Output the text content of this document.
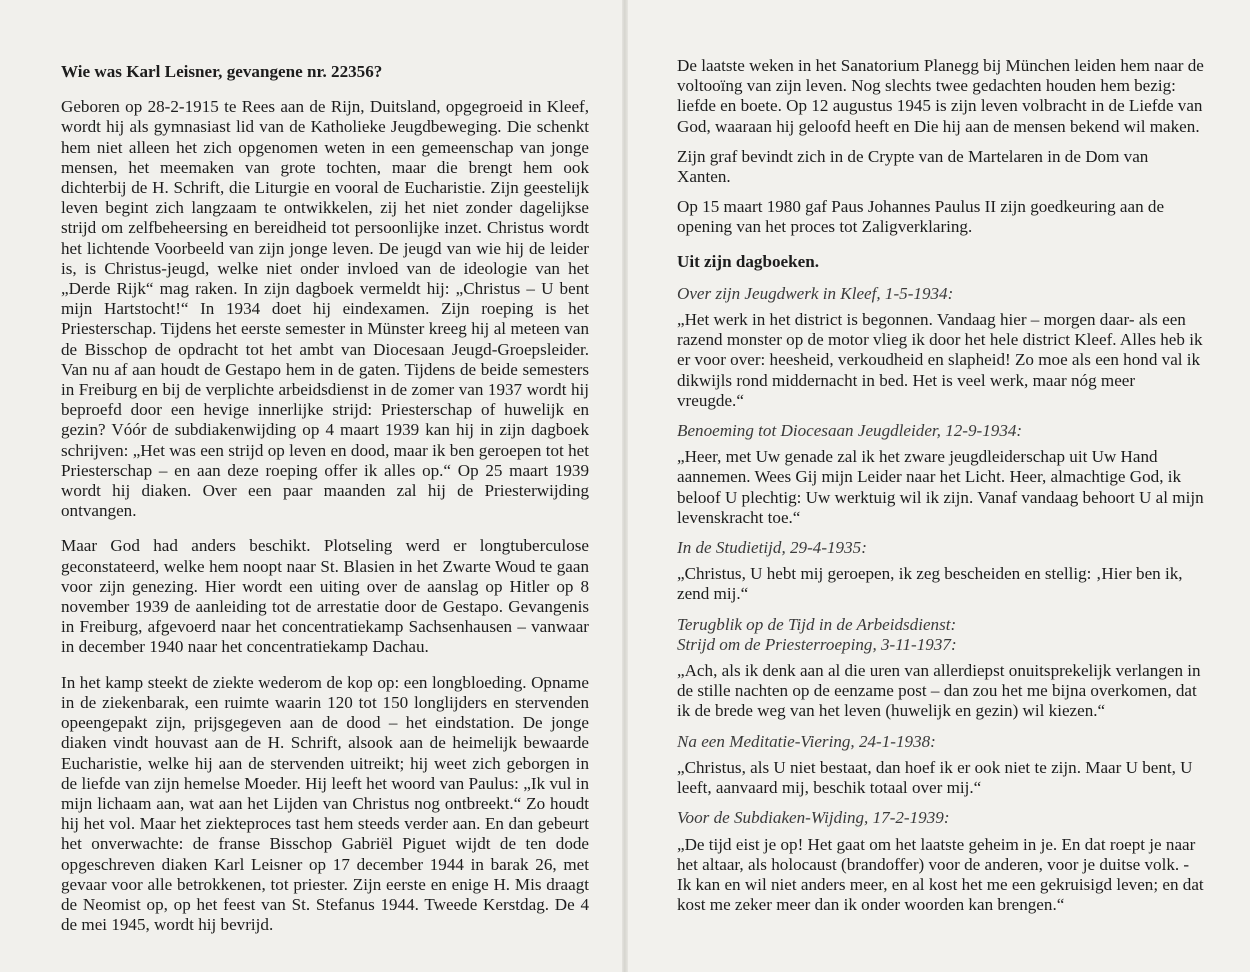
Wie was Karl Leisner, gevangene nr. 22356?

Geboren op 28-2-1915 te Rees aan de Rijn, Duitsland, opgegroeid in Kleef, wordt hij als gymnasiast lid van de Katholieke Jeugdbeweging. Die schenkt hem niet alleen het zich opgenomen weten in een gemeenschap van jonge mensen, het meemaken van grote tochten, maar die brengt hem ook dichterbij de H. Schrift, die Liturgie en vooral de Eucharistie. Zijn geestelijk leven begint zich langzaam te ontwikkelen, zij het niet zonder dagelijkse strijd om zelfbeheersing en bereidheid tot persoonlijke inzet. Christus wordt het lichtende Voorbeeld van zijn jonge leven. De jeugd van wie hij de leider is, is Christus-jeugd, welke niet onder invloed van de ideologie van het „Derde Rijk“ mag raken. In zijn dagboek vermeldt hij: „Christus – U bent mijn Hartstocht!“ In 1934 doet hij eindexamen. Zijn roeping is het Priesterschap. Tijdens het eerste semester in Münster kreeg hij al meteen van de Bisschop de opdracht tot het ambt van Diocesaan Jeugd-Groepsleider. Van nu af aan houdt de Gestapo hem in de gaten. Tijdens de beide semesters in Freiburg en bij de verplichte arbeidsdienst in de zomer van 1937 wordt hij beproefd door een hevige innerlijke strijd: Priesterschap of huwelijk en gezin? Vóór de subdiakenwijding op 4 maart 1939 kan hij in zijn dagboek schrijven: „Het was een strijd op leven en dood, maar ik ben geroepen tot het Priesterschap – en aan deze roeping offer ik alles op.“ Op 25 maart 1939 wordt hij diaken. Over een paar maanden zal hij de Priesterwijding ontvangen.

Maar God had anders beschikt. Plotseling werd er longtuberculose geconstateerd, welke hem noopt naar St. Blasien in het Zwarte Woud te gaan voor zijn genezing. Hier wordt een uiting over de aanslag op Hitler op 8 november 1939 de aanleiding tot de arrestatie door de Gestapo. Gevangenis in Freiburg, afgevoerd naar het concentratiekamp Sachsenhausen – vanwaar in december 1940 naar het concentratiekamp Dachau.

In het kamp steekt de ziekte wederom de kop op: een longbloeding. Opname in de ziekenbarak, een ruimte waarin 120 tot 150 longlijders en stervenden opeengepakt zijn, prijsgegeven aan de dood – het eindstation. De jonge diaken vindt houvast aan de H. Schrift, alsook aan de heimelijk bewaarde Eucharistie, welke hij aan de stervenden uitreikt; hij weet zich geborgen in de liefde van zijn hemelse Moeder. Hij leeft het woord van Paulus: „Ik vul in mijn lichaam aan, wat aan het Lijden van Christus nog ontbreekt.“ Zo houdt hij het vol. Maar het ziekteproces tast hem steeds verder aan. En dan gebeurt het onverwachte: de franse Bisschop Gabriël Piguet wijdt de ten dode opgeschreven diaken Karl Leisner op 17 december 1944 in barak 26, met gevaar voor alle betrokkenen, tot priester. Zijn eerste en enige H. Mis draagt de Neomist op, op het feest van St. Stefanus 1944. Tweede Kerstdag. De 4 de mei 1945, wordt hij bevrijd.

De laatste weken in het Sanatorium Planegg bij München leiden hem naar de voltooïng van zijn leven. Nog slechts twee gedachten houden hem bezig: liefde en boete. Op 12 augustus 1945 is zijn leven volbracht in de Liefde van God, waaraan hij geloofd heeft en Die hij aan de mensen bekend wil maken.

Zijn graf bevindt zich in de Crypte van de Martelaren in de Dom van Xanten.

Op 15 maart 1980 gaf Paus Johannes Paulus II zijn goedkeuring aan de opening van het proces tot Zaligverklaring.

Uit zijn dagboeken.
Over zijn Jeugdwerk in Kleef, 1-5-1934:
„Het werk in het district is begonnen. Vandaag hier – morgen daar- als een razend monster op de motor vlieg ik door het hele district Kleef. Alles heb ik er voor over: heesheid, verkoudheid en slapheid! Zo moe als een hond val ik dikwijls rond middernacht in bed. Het is veel werk, maar nóg meer vreugde.“
Benoeming tot Diocesaan Jeugdleider, 12-9-1934:
„Heer, met Uw genade zal ik het zware jeugdleiderschap uit Uw Hand aannemen. Wees Gij mijn Leider naar het Licht. Heer, almachtige God, ik beloof U plechtig: Uw werktuig wil ik zijn. Vanaf vandaag behoort U al mijn levenskracht toe.“
In de Studietijd, 29-4-1935:
„Christus, U hebt mij geroepen, ik zeg bescheiden en stellig: ‚Hier ben ik, zend mij.“
Terugblik op de Tijd in de Arbeidsdienst:
Strijd om de Priesterroeping, 3-11-1937:
„Ach, als ik denk aan al die uren van allerdiepst onuitsprekelijk verlangen in de stille nachten op de eenzame post – dan zou het me bijna overkomen, dat ik de brede weg van het leven (huwelijk en gezin) wil kiezen.“
Na een Meditatie-Viering, 24-1-1938:
„Christus, als U niet bestaat, dan hoef ik er ook niet te zijn. Maar U bent, U leeft, aanvaard mij, beschik totaal over mij.“
Voor de Subdiaken-Wijding, 17-2-1939:
„De tijd eist je op! Het gaat om het laatste geheim in je. En dat roept je naar het altaar, als holocaust (brandoffer) voor de anderen, voor je duitse volk. - Ik kan en wil niet anders meer, en al kost het me een gekruisigd leven; en dat kost me zeker meer dan ik onder woorden kan brengen.“
